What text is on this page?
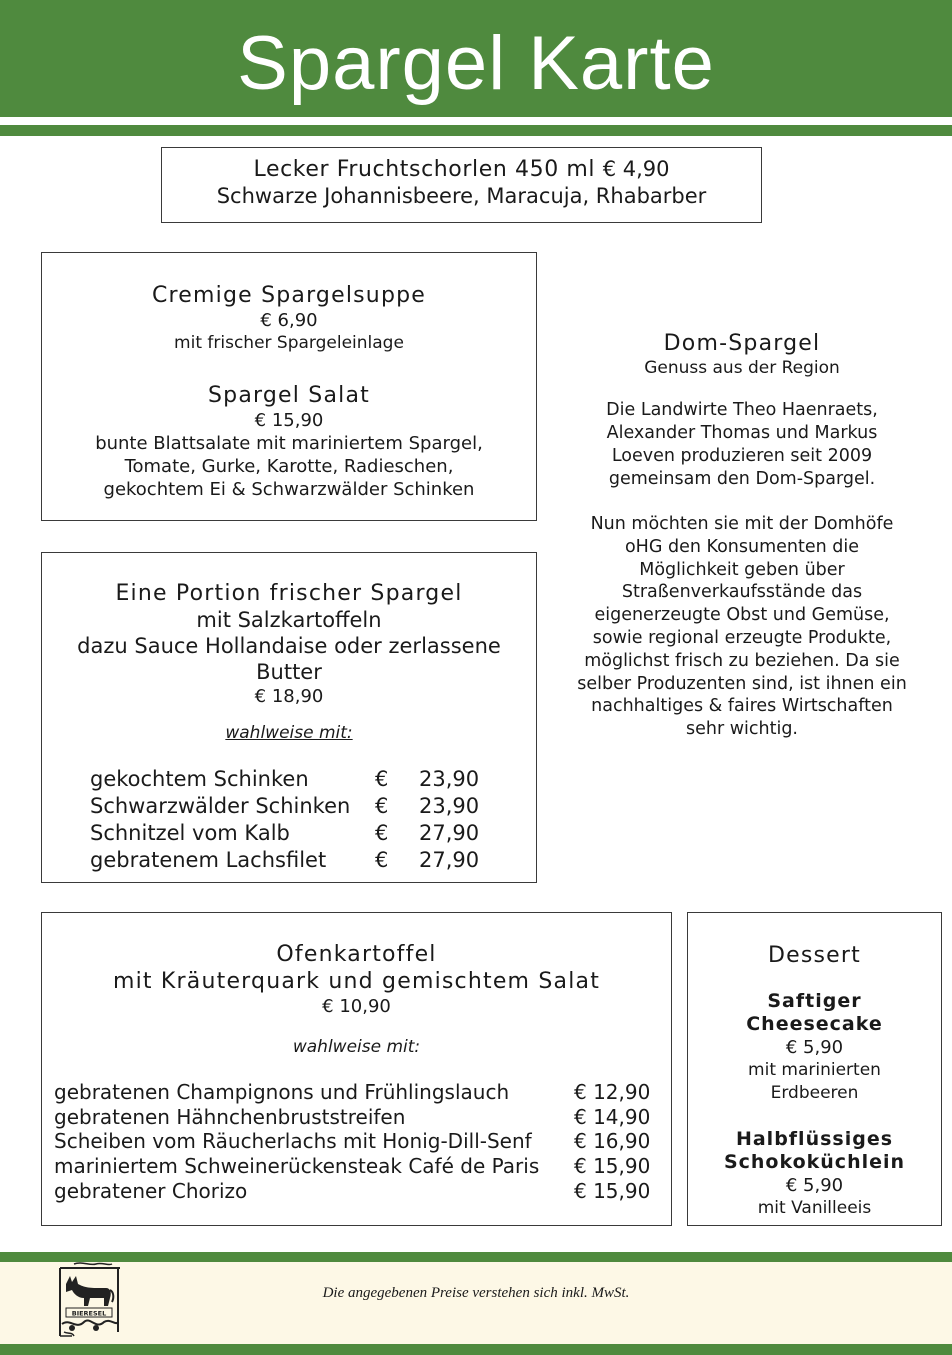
Spargel Karte
Lecker Fruchtschorlen 450 ml € 4,90
Schwarze Johannisbeere, Maracuja, Rhabarber
Cremige Spargelsuppe
€ 6,90
mit frischer Spargeleinlage
Spargel Salat
€ 15,90
bunte Blattsalate mit mariniertem Spargel,
Tomate, Gurke, Karotte, Radieschen,
gekochtem Ei & Schwarzwälder Schinken
Eine Portion frischer Spargel
mit Salzkartoffeln
dazu Sauce Hollandaise oder zerlassene
Butter
€ 18,90
wahlweise mit:
gekochtem Schinken	€ 23,90
Schwarzwälder Schinken € 23,90
Schnitzel vom Kalb	€ 27,90
gebratenem Lachsfilet € 27,90
Dom-Spargel
Genuss aus der Region
Die Landwirte Theo Haenraets,
Alexander Thomas und Markus
Loeven produzieren seit 2009
gemeinsam den Dom-Spargel.
Nun möchten sie mit der Domhöfe
oHG den Konsumenten die
Möglichkeit geben über
Straßenverkaufsstände das
eigenerzeugte Obst und Gemüse,
sowie regional erzeugte Produkte,
möglichst frisch zu beziehen. Da sie
selber Produzenten sind, ist ihnen ein
nachhaltiges & faires Wirtschaften
sehr wichtig.
Ofenkartoffel
mit Kräuterquark und gemischtem Salat
€ 10,90
wahlweise mit:
gebratenen Champignons und Frühlingslauch	€ 12,90
gebratenen Hähnchenbruststreifen	€ 14,90
Scheiben vom Räucherlachs mit Honig-Dill-Senf € 16,90
mariniertem Schweinerückensteak Café de Paris € 15,90
gebratener Chorizo	€ 15,90
Dessert
Saftiger
Cheesecake
€ 5,90
mit marinierten
Erdbeeren
Halbflüssiges
Schokoküchlein
€ 5,90
mit Vanilleeis
BIERESEL
Die angegebenen Preise verstehen sich inkl. MwSt.
